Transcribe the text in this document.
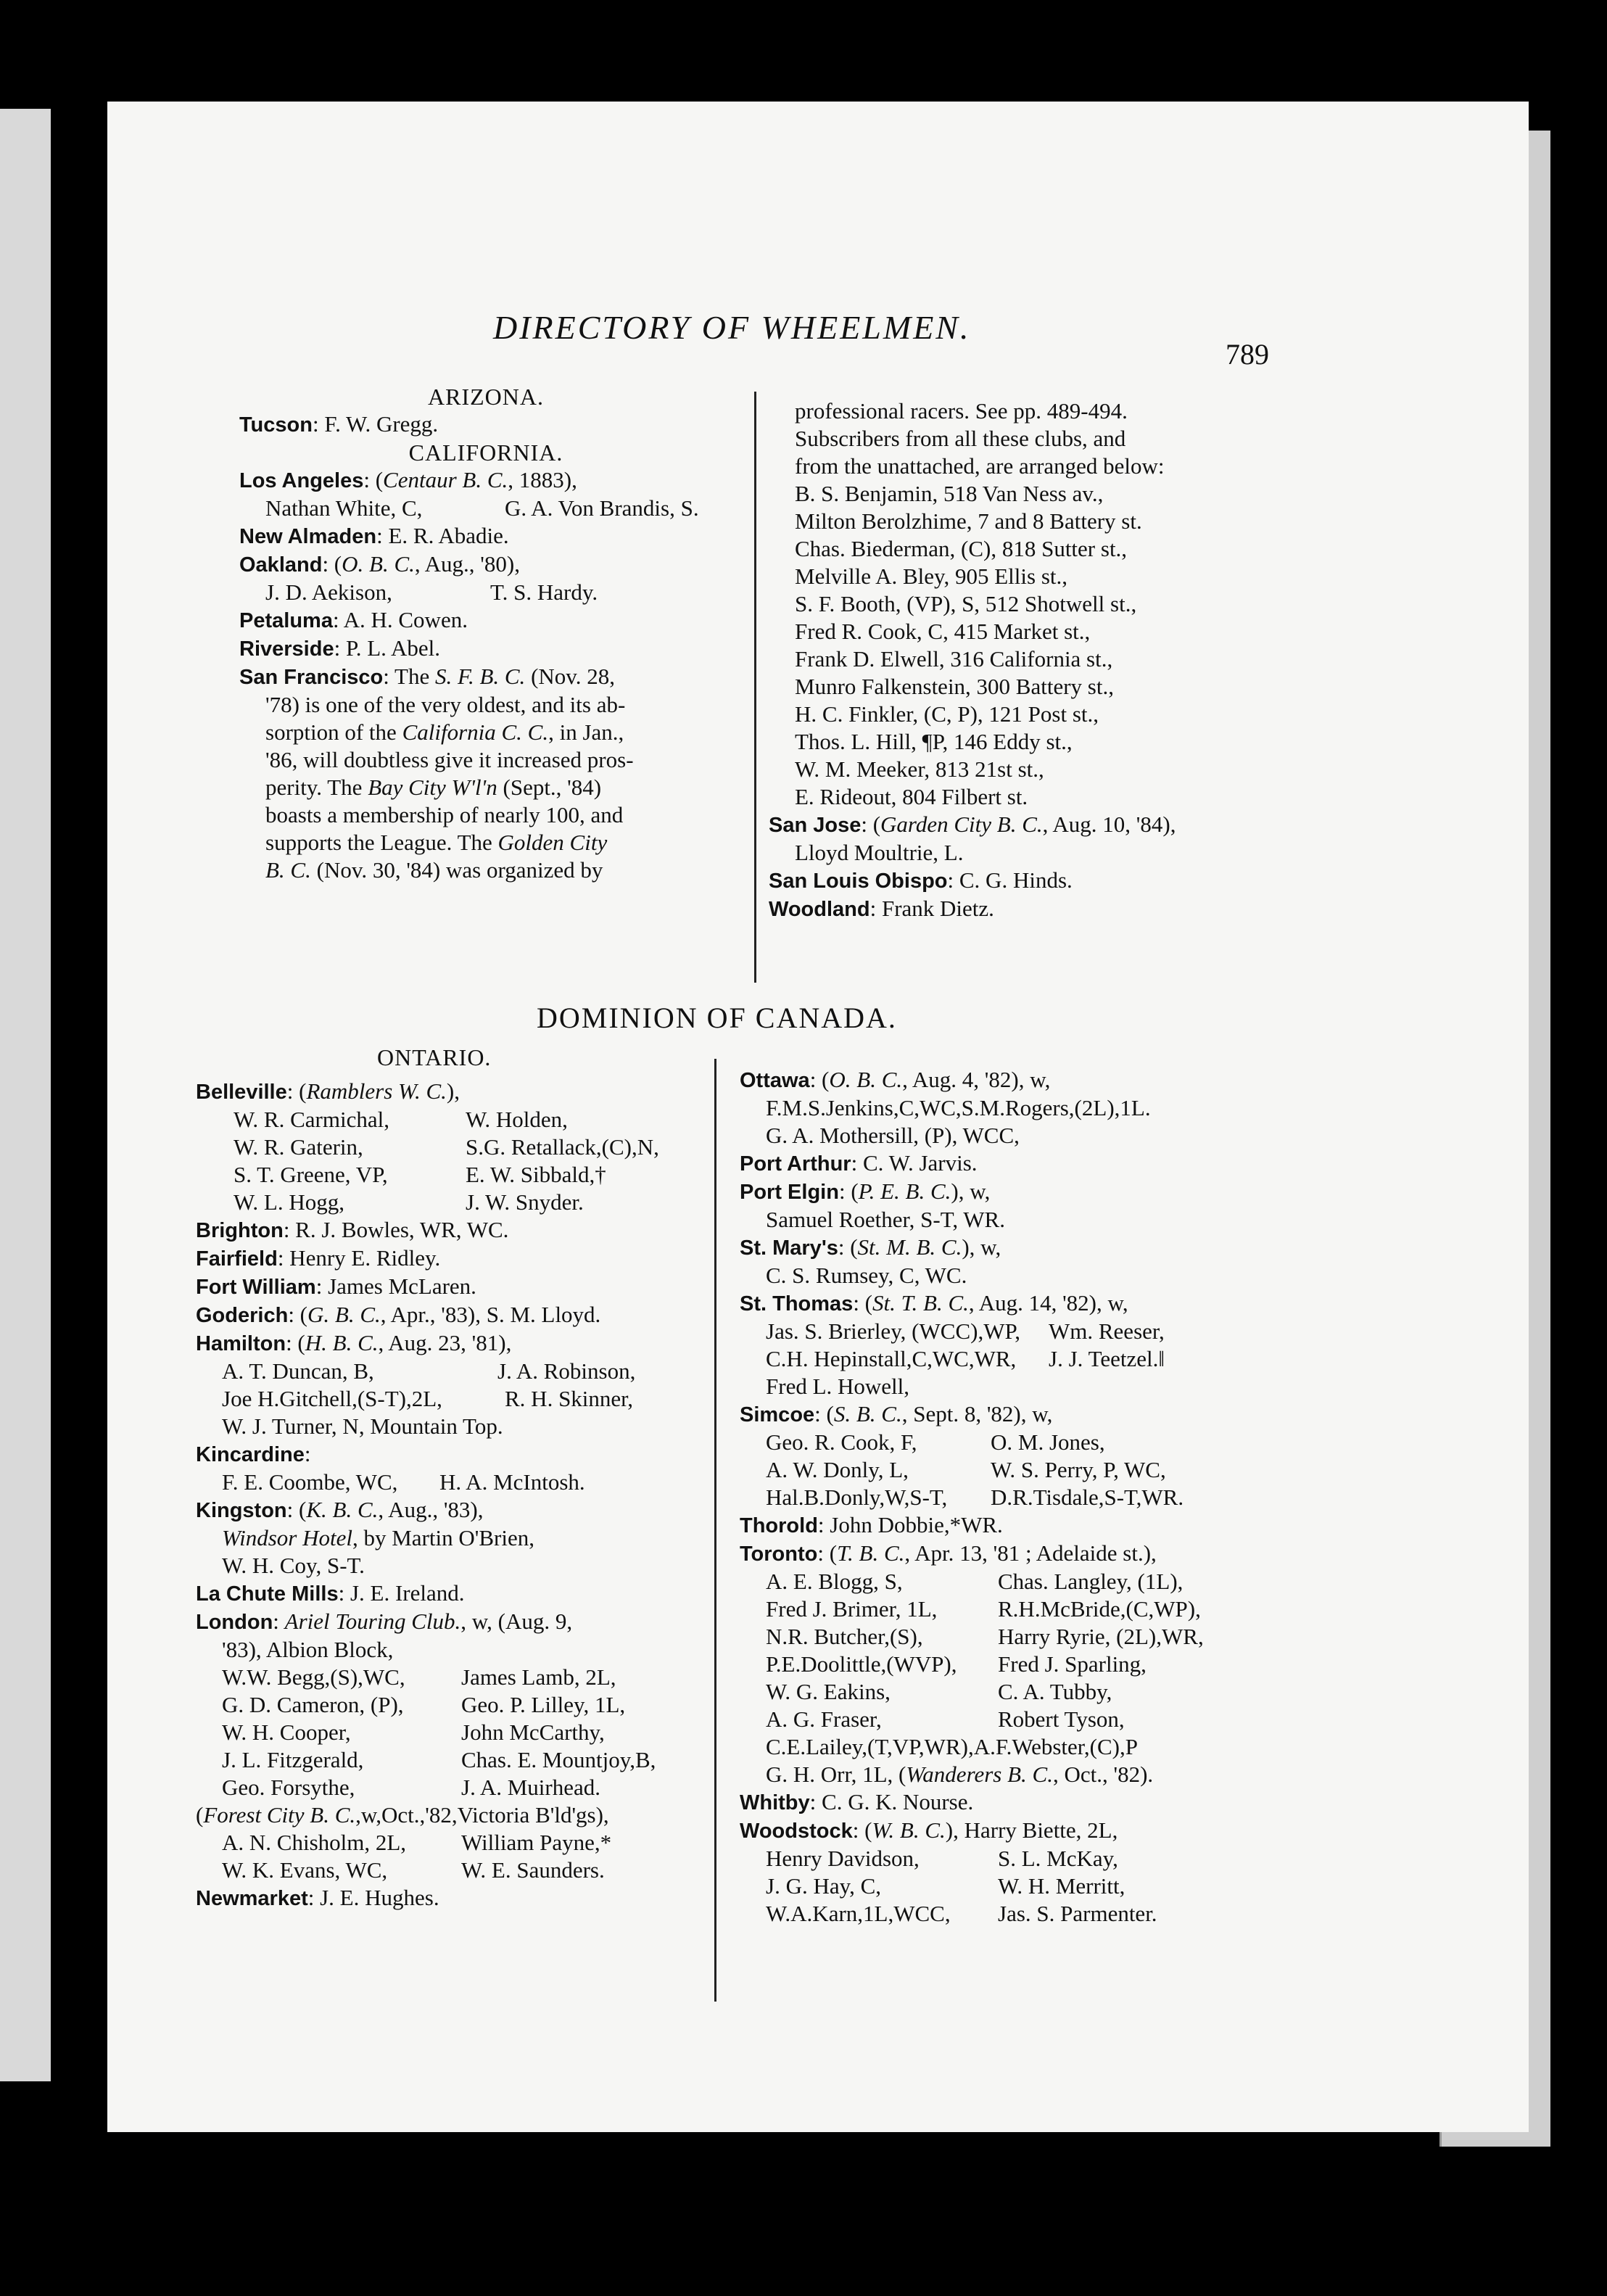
DIRECTORY OF WHEELMEN.
789
ARIZONA.
Tucson: F. W. Gregg.
CALIFORNIA.
Los Angeles: (Centaur B. C., 1883),
Nathan White, C,	G. A. Von Brandis, S.
New Almaden: E. R. Abadie.
Oakland: (O. B. C., Aug., '80),
J. D. Aekison,	T. S. Hardy.
Petaluma: A. H. Cowen.
Riverside: P. L. Abel.
San Francisco: The S. F. B. C. (Nov. 28,
'78) is one of the very oldest, and its ab-
sorption of the California C. C., in Jan.,
'86, will doubtless give it increased pros-
perity. The Bay City W'l'n (Sept., '84)
boasts a membership of nearly 100, and
supports the League. The Golden City
B. C. (Nov. 30, '84) was organized by
professional racers. See pp. 489-494.
Subscribers from all these clubs, and
from the unattached, are arranged below:
B. S. Benjamin, 518 Van Ness av.,
Milton Berolzhime, 7 and 8 Battery st.
Chas. Biederman, (C), 818 Sutter st.,
Melville A. Bley, 905 Ellis st.,
S. F. Booth, (VP), S, 512 Shotwell st.,
Fred R. Cook, C, 415 Market st.,
Frank D. Elwell, 316 California st.,
Munro Falkenstein, 300 Battery st.,
H. C. Finkler, (C, P), 121 Post st.,
Thos. L. Hill, ¶P, 146 Eddy st.,
W. M. Meeker, 813 21st st.,
E. Rideout, 804 Filbert st.
San Jose: (Garden City B. C., Aug. 10, '84),
Lloyd Moultrie, L.
San Louis Obispo: C. G. Hinds.
Woodland: Frank Dietz.
DOMINION OF CANADA.
ONTARIO.
Belleville: (Ramblers W. C.),
W. R. Carmichal,	W. Holden,
W. R. Gaterin,	S.G. Retallack,(C),N,
S. T. Greene, VP,	E. W. Sibbald,†
W. L. Hogg,	J. W. Snyder.
Brighton: R. J. Bowles, WR, WC.
Fairfield: Henry E. Ridley.
Fort William: James McLaren.
Goderich: (G. B. C., Apr., '83), S. M. Lloyd.
Hamilton: (H. B. C., Aug. 23, '81),
A. T. Duncan, B,	J. A. Robinson,
Joe H.Gitchell,(S-T),2L,	R. H. Skinner,
W. J. Turner, N, Mountain Top.
Kincardine:
F. E. Coombe, WC,	H. A. McIntosh.
Kingston: (K. B. C., Aug., '83),
Windsor Hotel, by Martin O'Brien,
W. H. Coy, S-T.
La Chute Mills: J. E. Ireland.
London: Ariel Touring Club., w, (Aug. 9,
'83), Albion Block,
W.W. Begg,(S),WC,	James Lamb, 2L,
G. D. Cameron, (P),	Geo. P. Lilley, 1L,
W. H. Cooper,	John McCarthy,
J. L. Fitzgerald,	Chas. E. Mountjoy,B,
Geo. Forsythe,	J. A. Muirhead.
(Forest City B. C.,w,Oct.,'82,Victoria B'ld'gs),
A. N. Chisholm, 2L,	William Payne,*
W. K. Evans, WC,	W. E. Saunders.
Newmarket: J. E. Hughes.
Ottawa: (O. B. C., Aug. 4, '82), w,
F.M.S.Jenkins,C,WC,S.M.Rogers,(2L),1L.
G. A. Mothersill, (P), WCC,
Port Arthur: C. W. Jarvis.
Port Elgin: (P. E. B. C.), w,
Samuel Roether, S-T, WR.
St. Mary's: (St. M. B. C.), w,
C. S. Rumsey, C, WC.
St. Thomas: (St. T. B. C., Aug. 14, '82), w,
Jas. S. Brierley, (WCC),WP,	Wm. Reeser,
C.H. Hepinstall,C,WC,WR,	J. J. Teetzel.‖
Fred L. Howell,
Simcoe: (S. B. C., Sept. 8, '82), w,
Geo. R. Cook, F,	O. M. Jones,
A. W. Donly, L,	W. S. Perry, P, WC,
Hal.B.Donly,W,S-T,	D.R.Tisdale,S-T,WR.
Thorold: John Dobbie,*WR.
Toronto: (T. B. C., Apr. 13, '81 ; Adelaide st.),
A. E. Blogg, S,	Chas. Langley, (1L),
Fred J. Brimer, 1L,	R.H.McBride,(C,WP),
N.R. Butcher,(S),	Harry Ryrie, (2L),WR,
P.E.Doolittle,(WVP),	Fred J. Sparling,
W. G. Eakins,	C. A. Tubby,
A. G. Fraser,	Robert Tyson,
C.E.Lailey,(T,VP,WR),A.F.Webster,(C),P
G. H. Orr, 1L, (Wanderers B. C., Oct., '82).
Whitby: C. G. K. Nourse.
Woodstock: (W. B. C.), Harry Biette, 2L,
Henry Davidson,	S. L. McKay,
J. G. Hay, C,	W. H. Merritt,
W.A.Karn,1L,WCC,	Jas. S. Parmenter.
